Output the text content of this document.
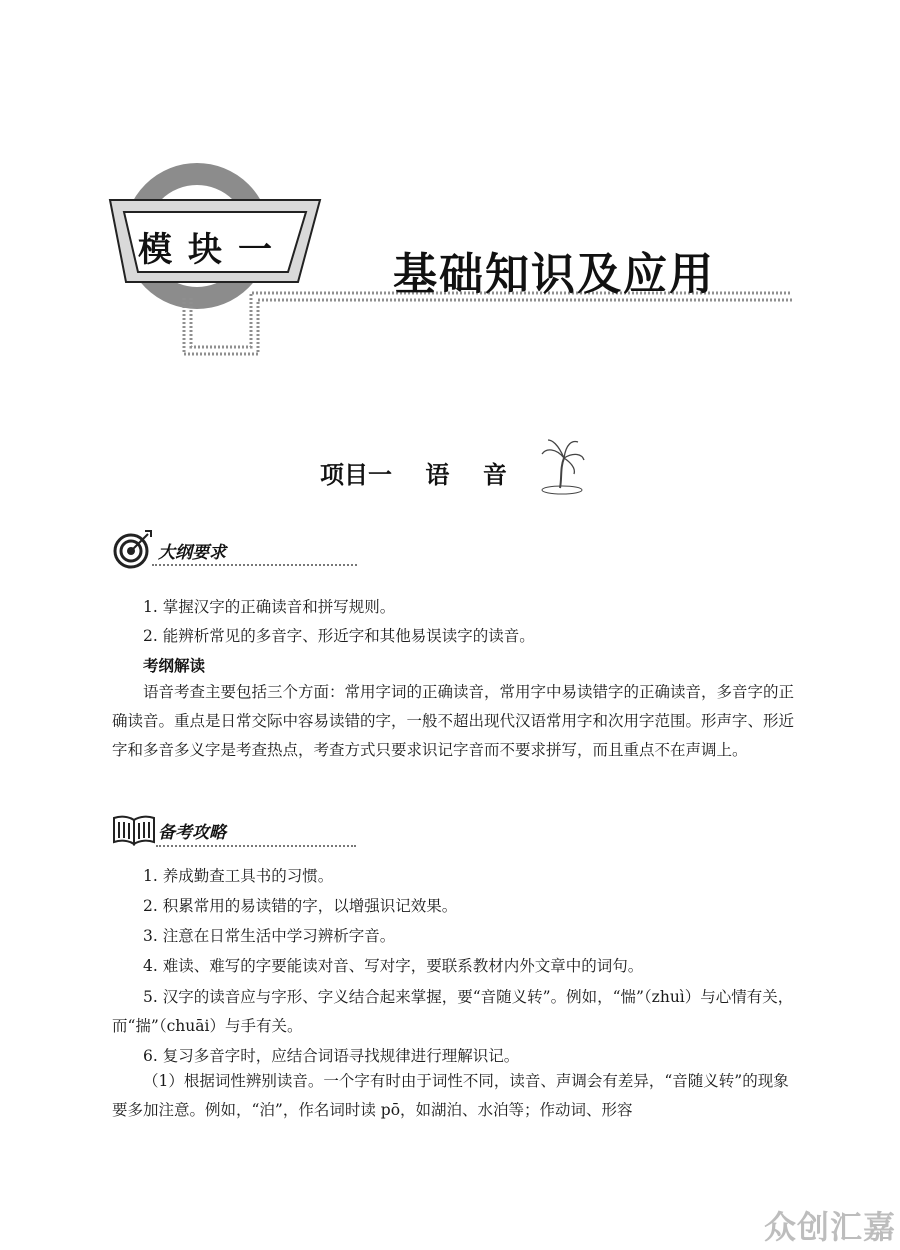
模块一 基础知识及应用
项目一    语    音
大纲要求
1. 掌握汉字的正确读音和拼写规则。
2. 能辨析常见的多音字、形近字和其他易误读字的读音。
考纲解读
语音考查主要包括三个方面：常用字词的正确读音，常用字中易读错字的正确读音，多音字的正确读音。重点是日常交际中容易读错的字，一般不超出现代汉语常用字和次用字范围。形声字、形近字和多音多义字是考查热点，考查方式只要求识记字音而不要求拼写，而且重点不在声调上。
备考攻略
1. 养成勤查工具书的习惯。
2. 积累常用的易读错的字，以增强识记效果。
3. 注意在日常生活中学习辨析字音。
4. 难读、难写的字要能读对音、写对字，要联系教材内外文章中的词句。
5. 汉字的读音应与字形、字义结合起来掌握，要“音随义转”。例如，“惴”（zhuì）与心情有关，而“揣”（chuāi）与手有关。
6. 复习多音字时，应结合词语寻找规律进行理解识记。
（1）根据词性辨别读音。一个字有时由于词性不同，读音、声调会有差异，“音随义转”的现象要多加注意。例如，“泊”，作名词时读 pō，如湖泊、水泊等；作动词、形容
众创汇嘉
